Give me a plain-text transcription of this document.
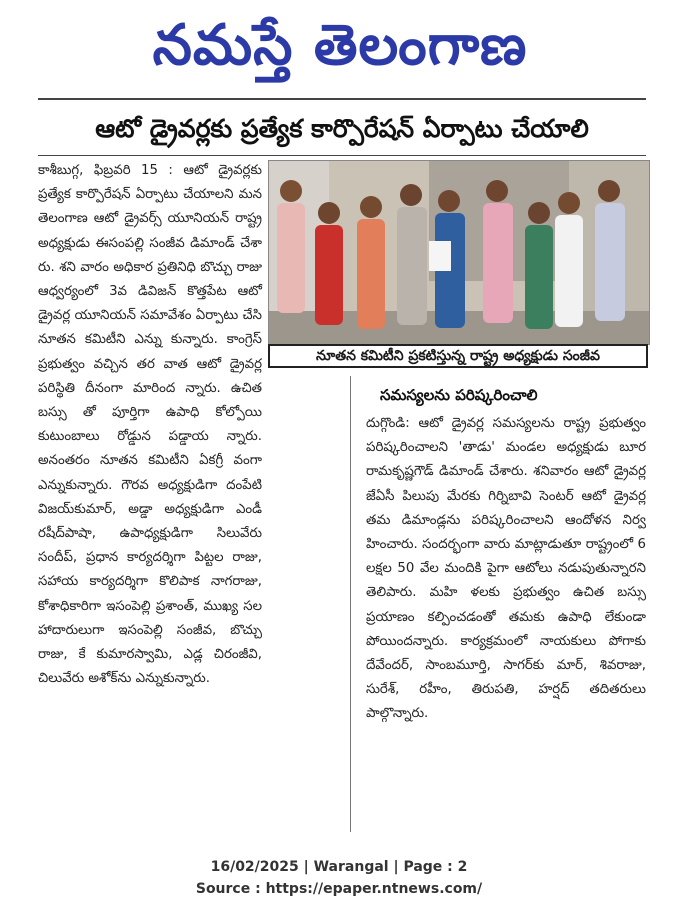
నమస్తే తెలంగాణ
ఆటో డ్రైవర్లకు ప్రత్యేక కార్పొరేషన్ ఏర్పాటు చేయాలి

కాశీబుగ్గ, ఫిబ్రవరి 15 : ఆటో డ్రైవర్లకు ప్రత్యేక కార్పొరేషన్ ఏర్పాటు చేయాలని మన తెలంగాణ ఆటో డ్రైవర్స్ యూనియన్ రాష్ట్ర అధ్యక్షుడు ఈసంపల్లి సంజీవ డిమాండ్ చేశా రు. శని వారం అధికార ప్రతినిధి బొచ్చు రాజు ఆధ్వర్యంలో 3వ డివిజన్ కొత్తపేట ఆటో డ్రైవర్ల యూనియన్ సమావేశం ఏర్పాటు చేసి నూతన కమిటీని ఎన్ను కున్నారు. కాంగ్రెస్ ప్రభుత్వం వచ్చిన తర వాత ఆటో డ్రైవర్ల పరిస్థితి దీనంగా మారింద న్నారు. ఉచిత బస్సు తో పూర్తిగా ఉపాధి కోల్పోయి కుటుంబాలు రోడ్డున పడ్డాయ న్నారు. అనంతరం నూతన కమిటీని ఏకగ్రీ వంగా ఎన్నుకున్నారు. గౌరవ అధ్యక్షుడిగా దంపేటి విజయ్‌కుమార్, అడ్డా అధ్యక్షుడిగా ఎండీ రషీద్‌పాషా, ఉపాధ్యక్షుడిగా సిలువేరు సందీప్, ప్రధాన కార్యదర్శిగా పిట్టల రాజు, సహాయ కార్యదర్శిగా కొలిపాక నాగరాజు, కోశాధికారిగా ఇసంపెల్లి ప్రశాంత్, ముఖ్య సల హాదారులుగా ఇసంపెల్లి సంజీవ, బొచ్చు రాజు, కే కుమారస్వామి, ఎడ్ల చిరంజీవి, చిలువేరు అశోక్‌ను ఎన్నుకున్నారు.

నూతన కమిటీని ప్రకటిస్తున్న రాష్ట్ర అధ్యక్షుడు సంజీవ
సమస్యలను పరిష్కరించాలి

దుగ్గొండి: ఆటో డ్రైవర్ల సమస్యలను రాష్ట్ర ప్రభుత్వం పరిష్కరించాలని 'తాడు' మండల అధ్యక్షుడు బూర రామకృష్ణగౌడ్ డిమాండ్ చేశారు. శనివారం ఆటో డ్రైవర్ల జేఏసీ పిలుపు మేరకు గిర్నిబావి సెంటర్ ఆటో డ్రైవర్ల తమ డిమాండ్లను పరిష్కరించాలని ఆందోళన నిర్వ హించారు. సందర్భంగా వారు మాట్లాడుతూ రాష్ట్రంలో 6 లక్షల 50 వేల మందికి పైగా ఆటోలు నడుపుతున్నారని తెలిపారు. మహి ళలకు ప్రభుత్వం ఉచిత బస్సు ప్రయాణం కల్పించడంతో తమకు ఉపాధి లేకుండా పోయిందన్నారు. కార్యక్రమంలో నాయకులు పోగాకు దేవేందర్, సాంబమూర్తి, సాగర్‌కు మార్, శివరాజు, సురేశ్, రహీం, తిరుపతి, హర్షద్ తదితరులు పాల్గొన్నారు.

16/02/2025 | Warangal | Page : 2
Source : https://epaper.ntnews.com/
